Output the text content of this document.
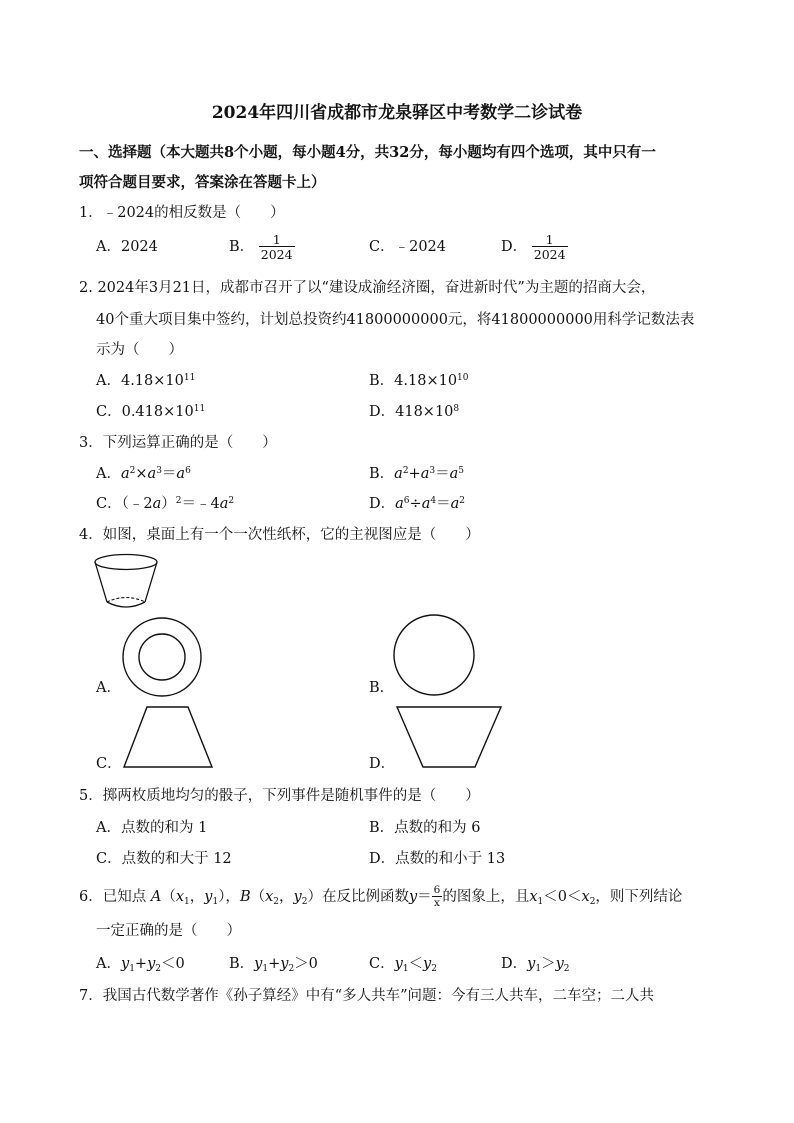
2024年四川省成都市龙泉驿区中考数学二诊试卷
一、选择题（本大题共8个小题，每小题4分，共32分，每小题均有四个选项，其中只有一
项符合题目要求，答案涂在答题卡上）
1．﹣2024的相反数是（　　）
A．2024	B． $\frac{1}{2024}$	C．﹣2024	D． $\frac{1}{2024}$
2. 2024年3月21日，成都市召开了以“建设成渝经济圈，奋进新时代”为主题的招商大会，
40个重大项目集中签约，计划总投资约41800000000元，将41800000000用科学记数法表
示为（　　）
A．$4.18\times 10^{11}$	B．$4.18\times 10^{10}$
C．$0.418\times 10^{11}$	D．$418\times 10^8$
3．下列运算正确的是（　　）
A．$a^2\times a^3=a^6$	B．$a^2+a^3=a^5$
C．$(﹣2a)^2=﹣4a^2$	D．$a^6\div a^4=a^2$
4．如图，桌面上有一个一次性纸杯，它的主视图应是（　　）
A．	B．
C．	D．
5．掷两枚质地均匀的骰子，下列事件是随机事件的是（　　）
A．点数的和为 1	B．点数的和为 6
C．点数的和大于 12	D．点数的和小于 13
6．已知点 $A(x_1$，$y_1$），$B(x_2$，$y_2$）在反比例函数$y= \frac{6}{x}$ 的图象上，且$x_1<0<x_2$，则下列结论
一定正确的是（　　）
A．$y_1+y_2<0$	B．$y_1+y_2>0$	C．$y_1<y_2$	D．$y_1>y_2$
7．我国古代数学著作《孙子算经》中有“多人共车”问题：今有三人共车，二车空；二人共
